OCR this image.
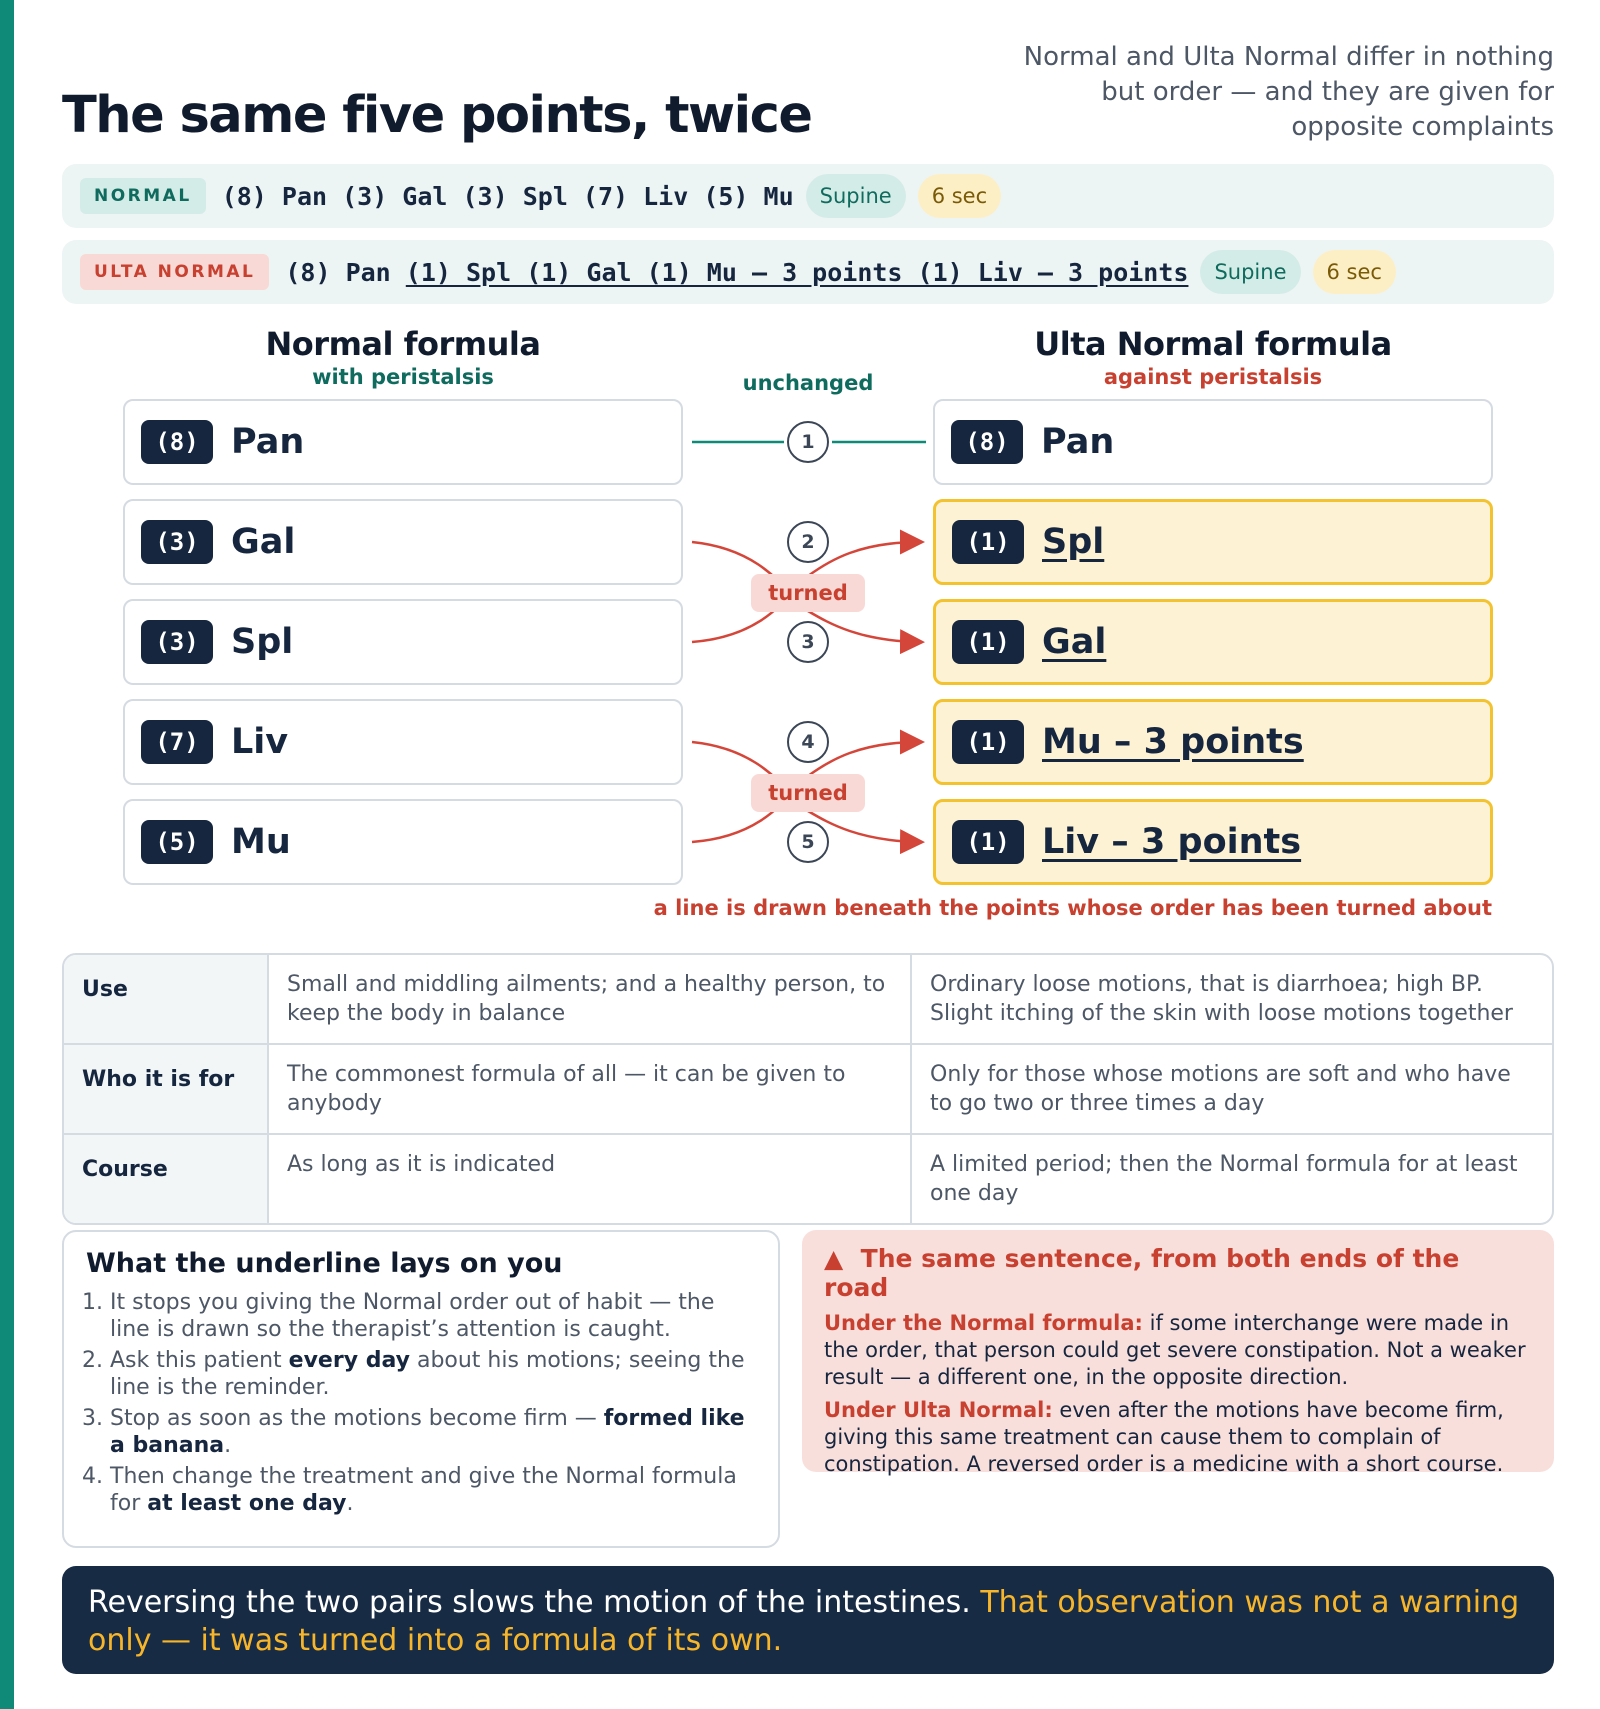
The same five points, twice
Normal and Ulta Normal differ in nothing but order — and they are given for opposite complaints
NORMAL	(8) Pan (3) Gal (3) Spl (7) Liv (5) Mu	Supine	6 sec
ULTA NORMAL	(8) Pan (1) Spl (1) Gal (1) Mu – 3 points (1) Liv – 3 points	Supine	6 sec
Normal formula
with peristalsis
Ulta Normal formula
against peristalsis
unchanged
turned
turned
1
2
3
4
5
(8) Pan
(3) Gal
(3) Spl
(7) Liv
(5) Mu
(8) Pan
(1) Spl
(1) Gal
(1) Mu – 3 points
(1) Liv – 3 points
a line is drawn beneath the points whose order has been turned about
Use	Small and middling ailments; and a healthy person, to keep the body in balance	Ordinary loose motions, that is diarrhoea; high BP. Slight itching of the skin with loose motions together
Who it is for	The commonest formula of all — it can be given to anybody	Only for those whose motions are soft and who have to go two or three times a day
Course	As long as it is indicated	A limited period; then the Normal formula for at least one day
What the underline lays on you
1. It stops you giving the Normal order out of habit — the line is drawn so the therapist’s attention is caught.
2. Ask this patient every day about his motions; seeing the line is the reminder.
3. Stop as soon as the motions become firm — formed like a banana.
4. Then change the treatment and give the Normal formula for at least one day.
▲ The same sentence, from both ends of the road

Under the Normal formula: if some interchange were made in the order, that person could get severe constipation. Not a weaker result — a different one, in the opposite direction.

Under Ulta Normal: even after the motions have become firm, giving this same treatment can cause them to complain of constipation. A reversed order is a medicine with a short course.

Reversing the two pairs slows the motion of the intestines. That observation was not a warning only — it was turned into a formula of its own.
